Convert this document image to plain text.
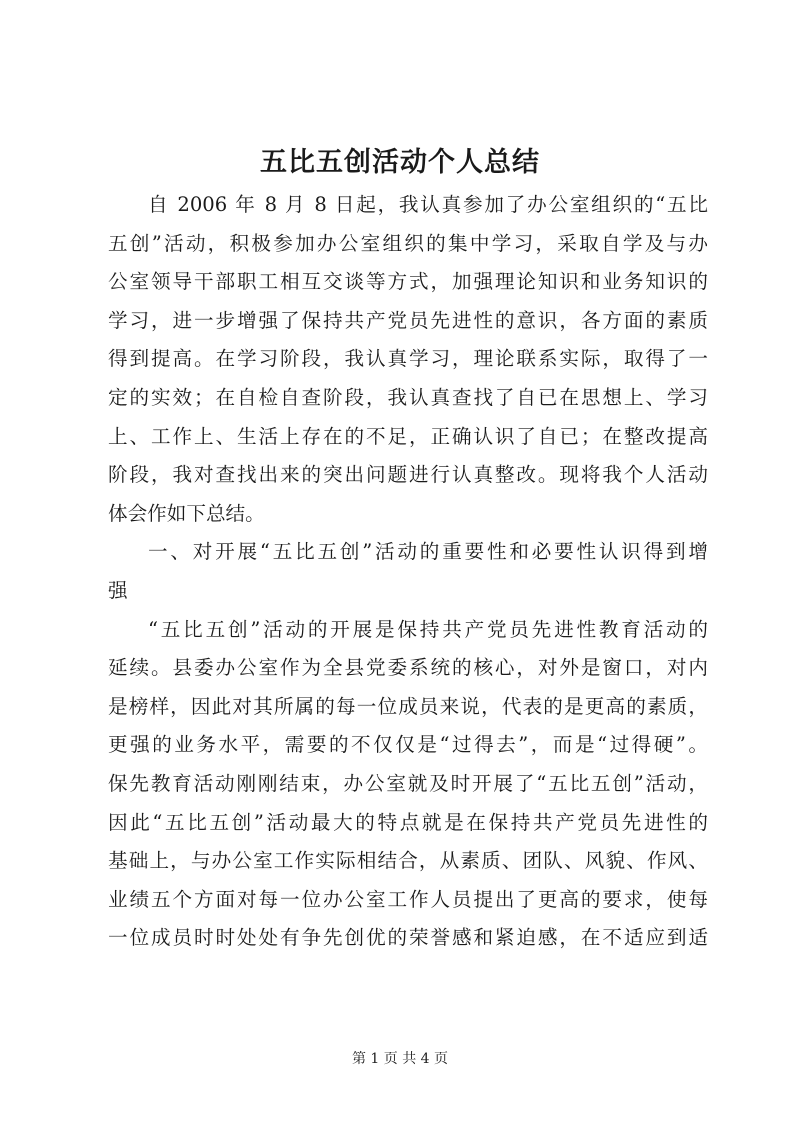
五比五创活动个人总结
自 2006 年 8 月 8 日起，我认真参加了办公室组织的“五比
五创”活动，积极参加办公室组织的集中学习，采取自学及与办
公室领导干部职工相互交谈等方式，加强理论知识和业务知识的
学习，进一步增强了保持共产党员先进性的意识，各方面的素质
得到提高。在学习阶段，我认真学习，理论联系实际，取得了一
定的实效；在自检自查阶段，我认真查找了自已在思想上、学习
上、工作上、生活上存在的不足，正确认识了自已；在整改提高
阶段，我对查找出来的突出问题进行认真整改。现将我个人活动
体会作如下总结。
一、对开展“五比五创”活动的重要性和必要性认识得到增
强
“五比五创”活动的开展是保持共产党员先进性教育活动的
延续。县委办公室作为全县党委系统的核心，对外是窗口，对内
是榜样，因此对其所属的每一位成员来说，代表的是更高的素质，
更强的业务水平，需要的不仅仅是“过得去”，而是“过得硬”。
保先教育活动刚刚结束，办公室就及时开展了“五比五创”活动，
因此“五比五创”活动最大的特点就是在保持共产党员先进性的
基础上，与办公室工作实际相结合，从素质、团队、风貌、作风、
业绩五个方面对每一位办公室工作人员提出了更高的要求，使每
一位成员时时处处有争先创优的荣誉感和紧迫感，在不适应到适
第 1 页 共 4 页
